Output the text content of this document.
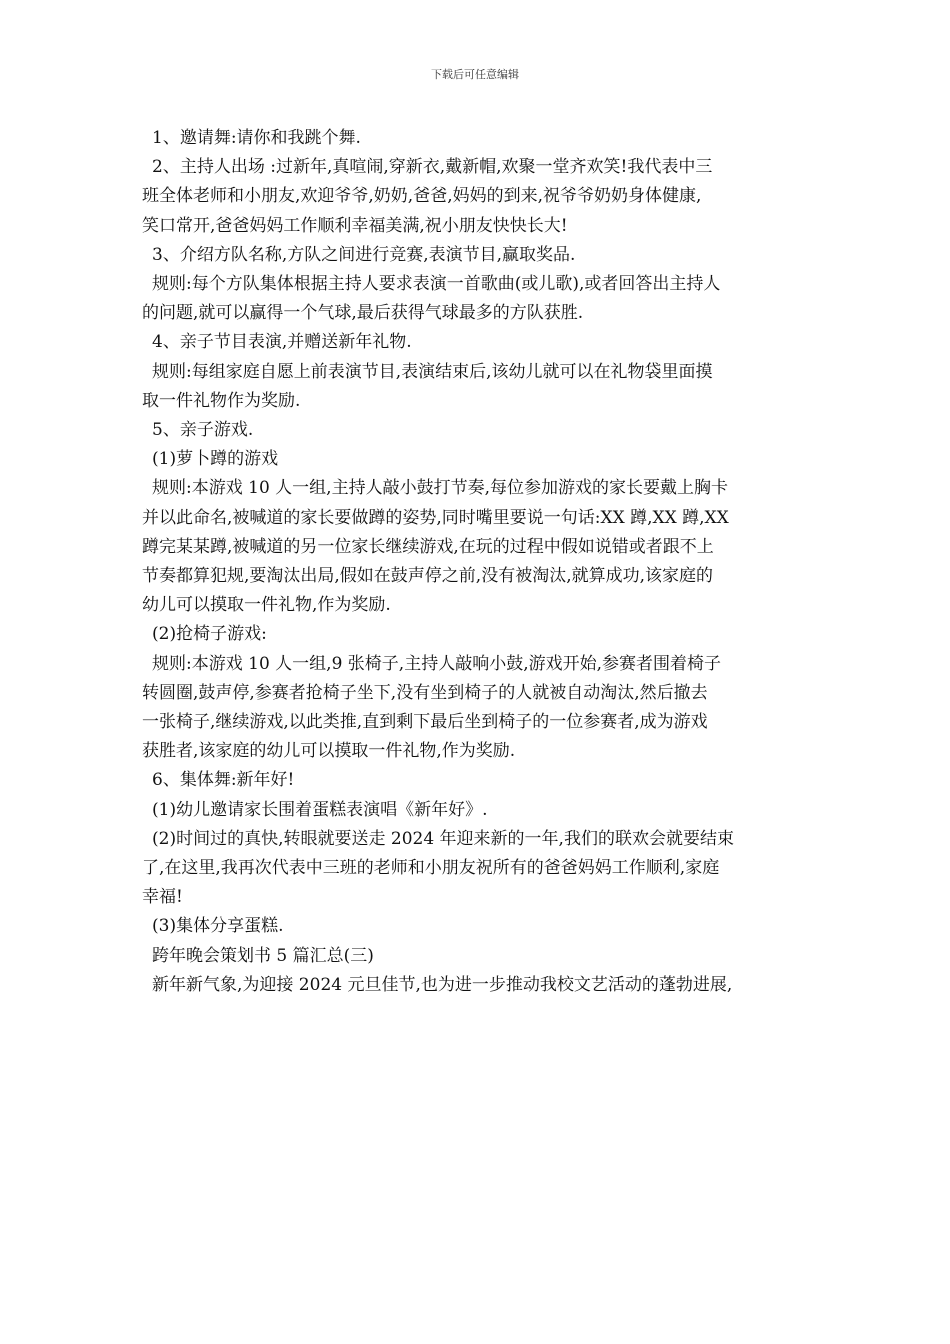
下载后可任意编辑

1、邀请舞:请你和我跳个舞.

2、主持人出场 :过新年,真喧闹,穿新衣,戴新帽,欢聚一堂齐欢笑!我代表中三

班全体老师和小朋友,欢迎爷爷,奶奶,爸爸,妈妈的到来,祝爷爷奶奶身体健康,

笑口常开,爸爸妈妈工作顺利幸福美满,祝小朋友快快长大!

3、介绍方队名称,方队之间进行竞赛,表演节目,赢取奖品.

规则:每个方队集体根据主持人要求表演一首歌曲(或儿歌),或者回答出主持人

的问题,就可以赢得一个气球,最后获得气球最多的方队获胜.

4、亲子节目表演,并赠送新年礼物.

规则:每组家庭自愿上前表演节目,表演结束后,该幼儿就可以在礼物袋里面摸

取一件礼物作为奖励.

5、亲子游戏.

(1)萝卜蹲的游戏

规则:本游戏 10 人一组,主持人敲小鼓打节奏,每位参加游戏的家长要戴上胸卡

并以此命名,被喊道的家长要做蹲的姿势,同时嘴里要说一句话:XX 蹲,XX 蹲,XX

蹲完某某蹲,被喊道的另一位家长继续游戏,在玩的过程中假如说错或者跟不上

节奏都算犯规,要淘汰出局,假如在鼓声停之前,没有被淘汰,就算成功,该家庭的

幼儿可以摸取一件礼物,作为奖励.

(2)抢椅子游戏:

规则:本游戏 10 人一组,9 张椅子,主持人敲响小鼓,游戏开始,参赛者围着椅子

转圆圈,鼓声停,参赛者抢椅子坐下,没有坐到椅子的人就被自动淘汰,然后撤去

一张椅子,继续游戏,以此类推,直到剩下最后坐到椅子的一位参赛者,成为游戏

获胜者,该家庭的幼儿可以摸取一件礼物,作为奖励.

6、集体舞:新年好!

(1)幼儿邀请家长围着蛋糕表演唱《新年好》.

(2)时间过的真快,转眼就要送走 2024 年迎来新的一年,我们的联欢会就要结束

了,在这里,我再次代表中三班的老师和小朋友祝所有的爸爸妈妈工作顺利,家庭

幸福!

(3)集体分享蛋糕.

跨年晚会策划书 5 篇汇总(三)

新年新气象,为迎接 2024 元旦佳节,也为进一步推动我校文艺活动的蓬勃进展,
